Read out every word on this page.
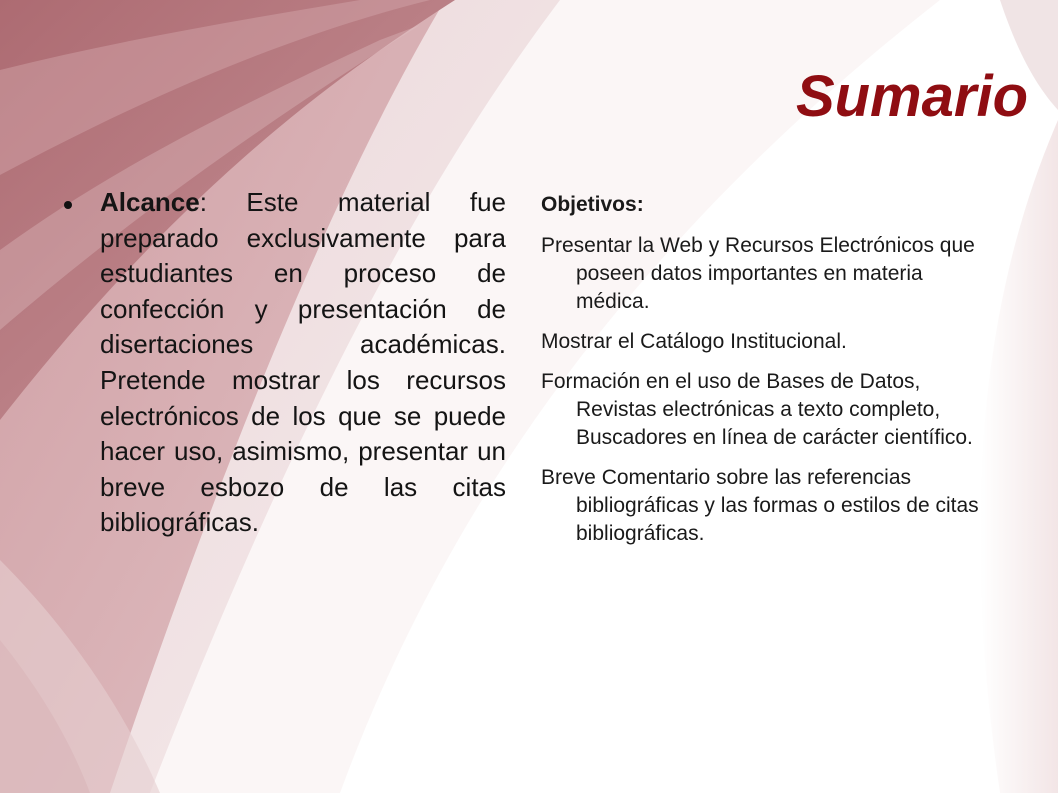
Sumario

Alcance: Este material fue preparado exclusivamente para estudiantes en proceso de confección y presentación de disertaciones académicas. Pretende mostrar los recursos electrónicos de los que se puede hacer uso, asimismo, presentar un breve esbozo de las citas bibliográficas.

Objetivos:

Presentar la Web y Recursos Electrónicos que poseen datos importantes en materia médica.

Mostrar el Catálogo Institucional.

Formación en el uso de Bases de Datos, Revistas electrónicas a texto completo, Buscadores en línea de carácter científico.

Breve Comentario sobre las referencias bibliográficas y las formas o estilos de citas bibliográficas.
